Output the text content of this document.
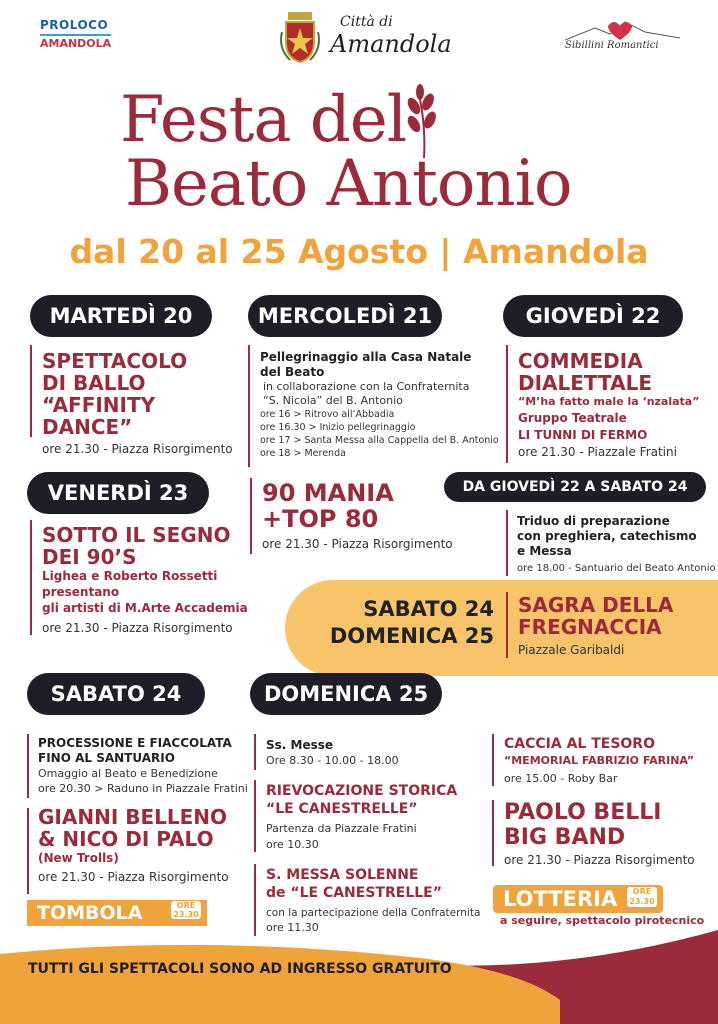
PROLOCO
AMANDOLA
Città di
Amandola	Sibillini Romantici
Festa del
Beato Antonio
dal 20 al 25 Agosto | Amandola
MARTEDÌ 20	MERCOLEDÌ 21	GIOVEDÌ 22
SPETTACOLO
DI BALLO
“AFFINITY DANCE”
ore 21.30 - Piazza Risorgimento
Pellegrinaggio alla Casa Natale
del Beato
in collaborazione con la Confraternita
“S. Nicola” del B. Antonio
ore 16 > Ritrovo all’Abbadia
ore 16.30 > Inizio pellegrinaggio
ore 17 > Santa Messa alla Cappella del B. Antonio
ore 18 > Merenda
COMMEDIA
DIALETTALE
“M’ha fatto male la ‘nzalata”
Gruppo Teatrale
LI TUNNI DI FERMO
ore 21.30 - Piazzale Fratini
VENERDÌ 23
SOTTO IL SEGNO
DEI 90’S
Lighea e Roberto Rossetti
presentano
gli artisti di M.Arte Accademia
ore 21.30 - Piazza Risorgimento
90 MANIA
+TOP 80
ore 21.30 - Piazza Risorgimento
DA GIOVEDÌ 22 A SABATO 24
Triduo di preparazione
con preghiera, catechismo
e Messa
ore 18.00 - Santuario del Beato Antonio
SABATO 24
DOMENICA 25
SAGRA DELLA
FREGNACCIA
Piazzale Garibaldi
SABATO 24	DOMENICA 25
PROCESSIONE E FIACCOLATA
FINO AL SANTUARIO
Omaggio al Beato e Benedizione
ore 20.30 > Raduno in Piazzale Fratini
GIANNI BELLENO
& NICO DI PALO
(New Trolls)
ore 21.30 - Piazza Risorgimento
TOMBOLA	ORE
23.30
Ss. Messe
Ore 8.30 - 10.00 - 18.00
RIEVOCAZIONE STORICA
“LE CANESTRELLE”
Partenza da Piazzale Fratini
ore 10.30
S. MESSA SOLENNE
de “LE CANESTRELLE”
con la partecipazione della Confraternita
ore 11.30
CACCIA AL TESORO
“MEMORIAL FABRIZIO FARINA”
ore 15.00 - Roby Bar
PAOLO BELLI
BIG BAND
ore 21.30 - Piazza Risorgimento
LOTTERIA	ORE
23.30
a seguire, spettacolo pirotecnico
TUTTI GLI SPETTACOLI SONO AD INGRESSO GRATUITO
